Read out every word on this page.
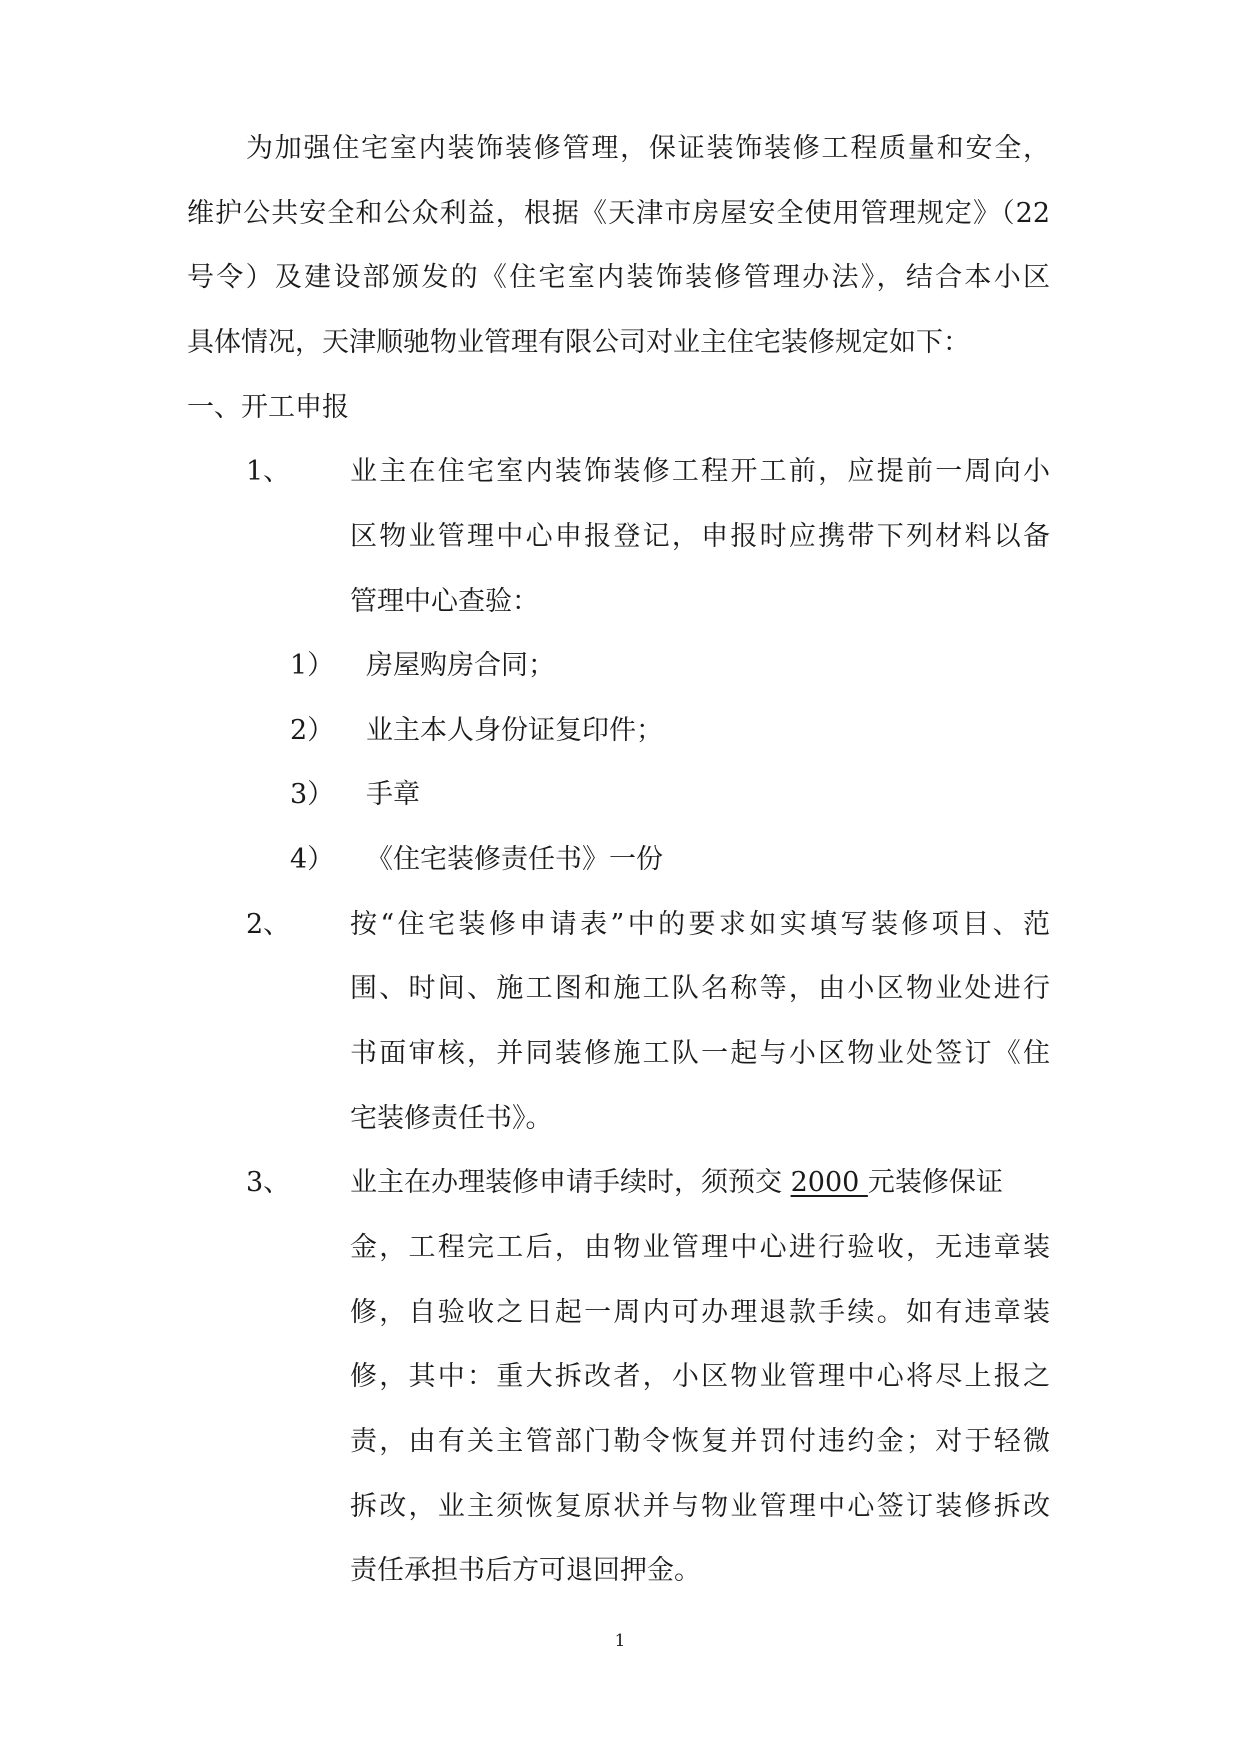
为加强住宅室内装饰装修管理，保证装饰装修工程质量和安全，
维护公共安全和公众利益，根据《天津市房屋安全使用管理规定》（22
号令）及建设部颁发的《住宅室内装饰装修管理办法》，结合本小区
具体情况，天津顺驰物业管理有限公司对业主住宅装修规定如下：
一、开工申报
1、 业主在住宅室内装饰装修工程开工前，应提前一周向小
区物业管理中心申报登记，申报时应携带下列材料以备
管理中心查验：
1） 房屋购房合同；
2） 业主本人身份证复印件；
3） 手章
4） 《住宅装修责任书》一份
2、 按“住宅装修申请表”中的要求如实填写装修项目、范
围、时间、施工图和施工队名称等，由小区物业处进行
书面审核，并同装修施工队一起与小区物业处签订《住
宅装修责任书》。
3、 业主在办理装修申请手续时，须预交 2000 元装修保证
金，工程完工后，由物业管理中心进行验收，无违章装
修，自验收之日起一周内可办理退款手续。如有违章装
修，其中：重大拆改者，小区物业管理中心将尽上报之
责，由有关主管部门勒令恢复并罚付违约金；对于轻微
拆改，业主须恢复原状并与物业管理中心签订装修拆改
责任承担书后方可退回押金。
1
